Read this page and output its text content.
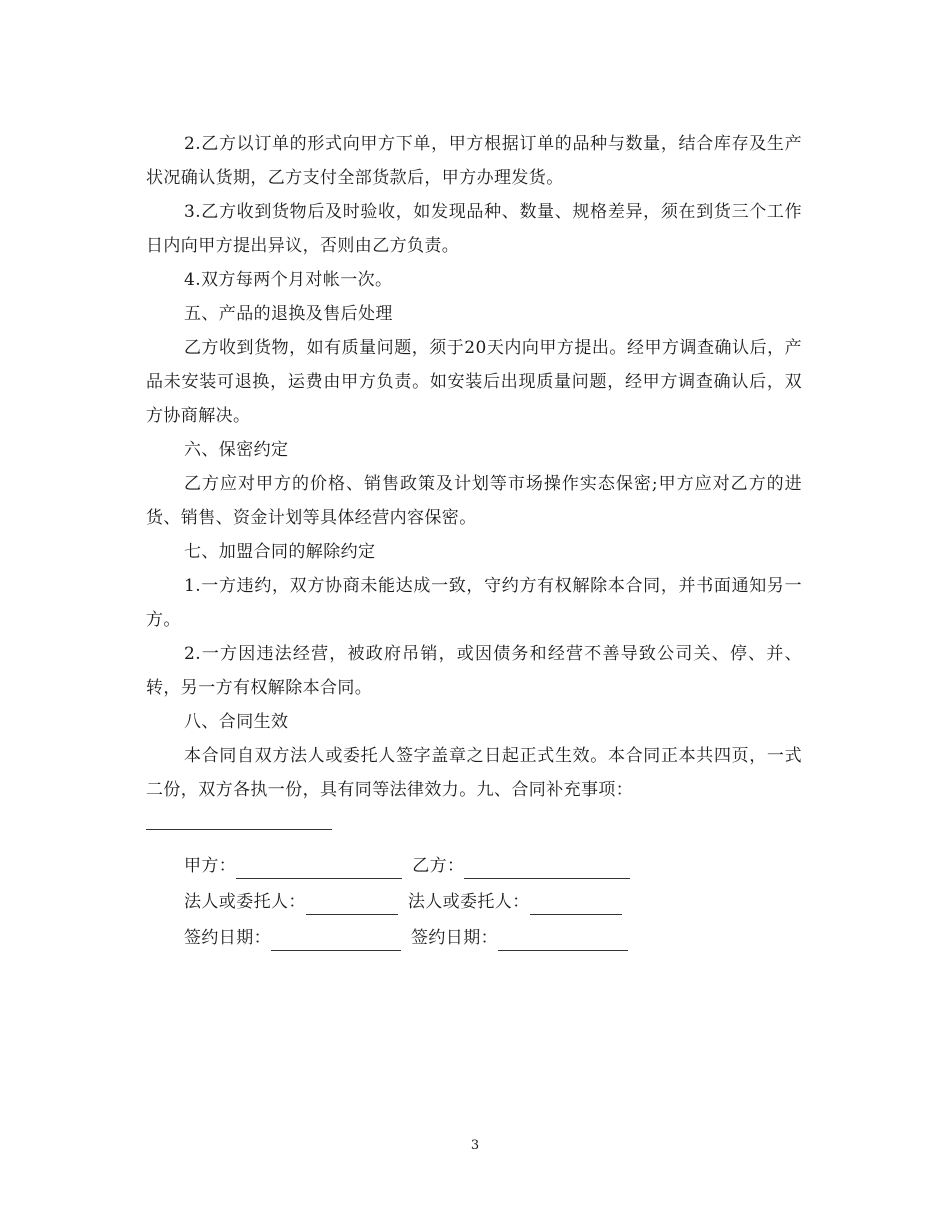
2.乙方以订单的形式向甲方下单，甲方根据订单的品种与数量，结合库存及生产状况确认货期，乙方支付全部货款后，甲方办理发货。

3.乙方收到货物后及时验收，如发现品种、数量、规格差异，须在到货三个工作日内向甲方提出异议，否则由乙方负责。

4.双方每两个月对帐一次。

五、产品的退换及售后处理

乙方收到货物，如有质量问题，须于20天内向甲方提出。经甲方调查确认后，产品未安装可退换，运费由甲方负责。如安装后出现质量问题，经甲方调查确认后，双方协商解决。

六、保密约定

乙方应对甲方的价格、销售政策及计划等市场操作实态保密;甲方应对乙方的进货、销售、资金计划等具体经营内容保密。

七、加盟合同的解除约定

1.一方违约，双方协商未能达成一致，守约方有权解除本合同，并书面通知另一方。

2.一方因违法经营，被政府吊销，或因债务和经营不善导致公司关、停、并、转，另一方有权解除本合同。

八、合同生效

本合同自双方法人或委托人签字盖章之日起正式生效。本合同正本共四页，一式二份，双方各执一份，具有同等法律效力。九、合同补充事项：

甲方：	乙方：
法人或委托人：	法人或委托人：
签约日期：	签约日期：
3
